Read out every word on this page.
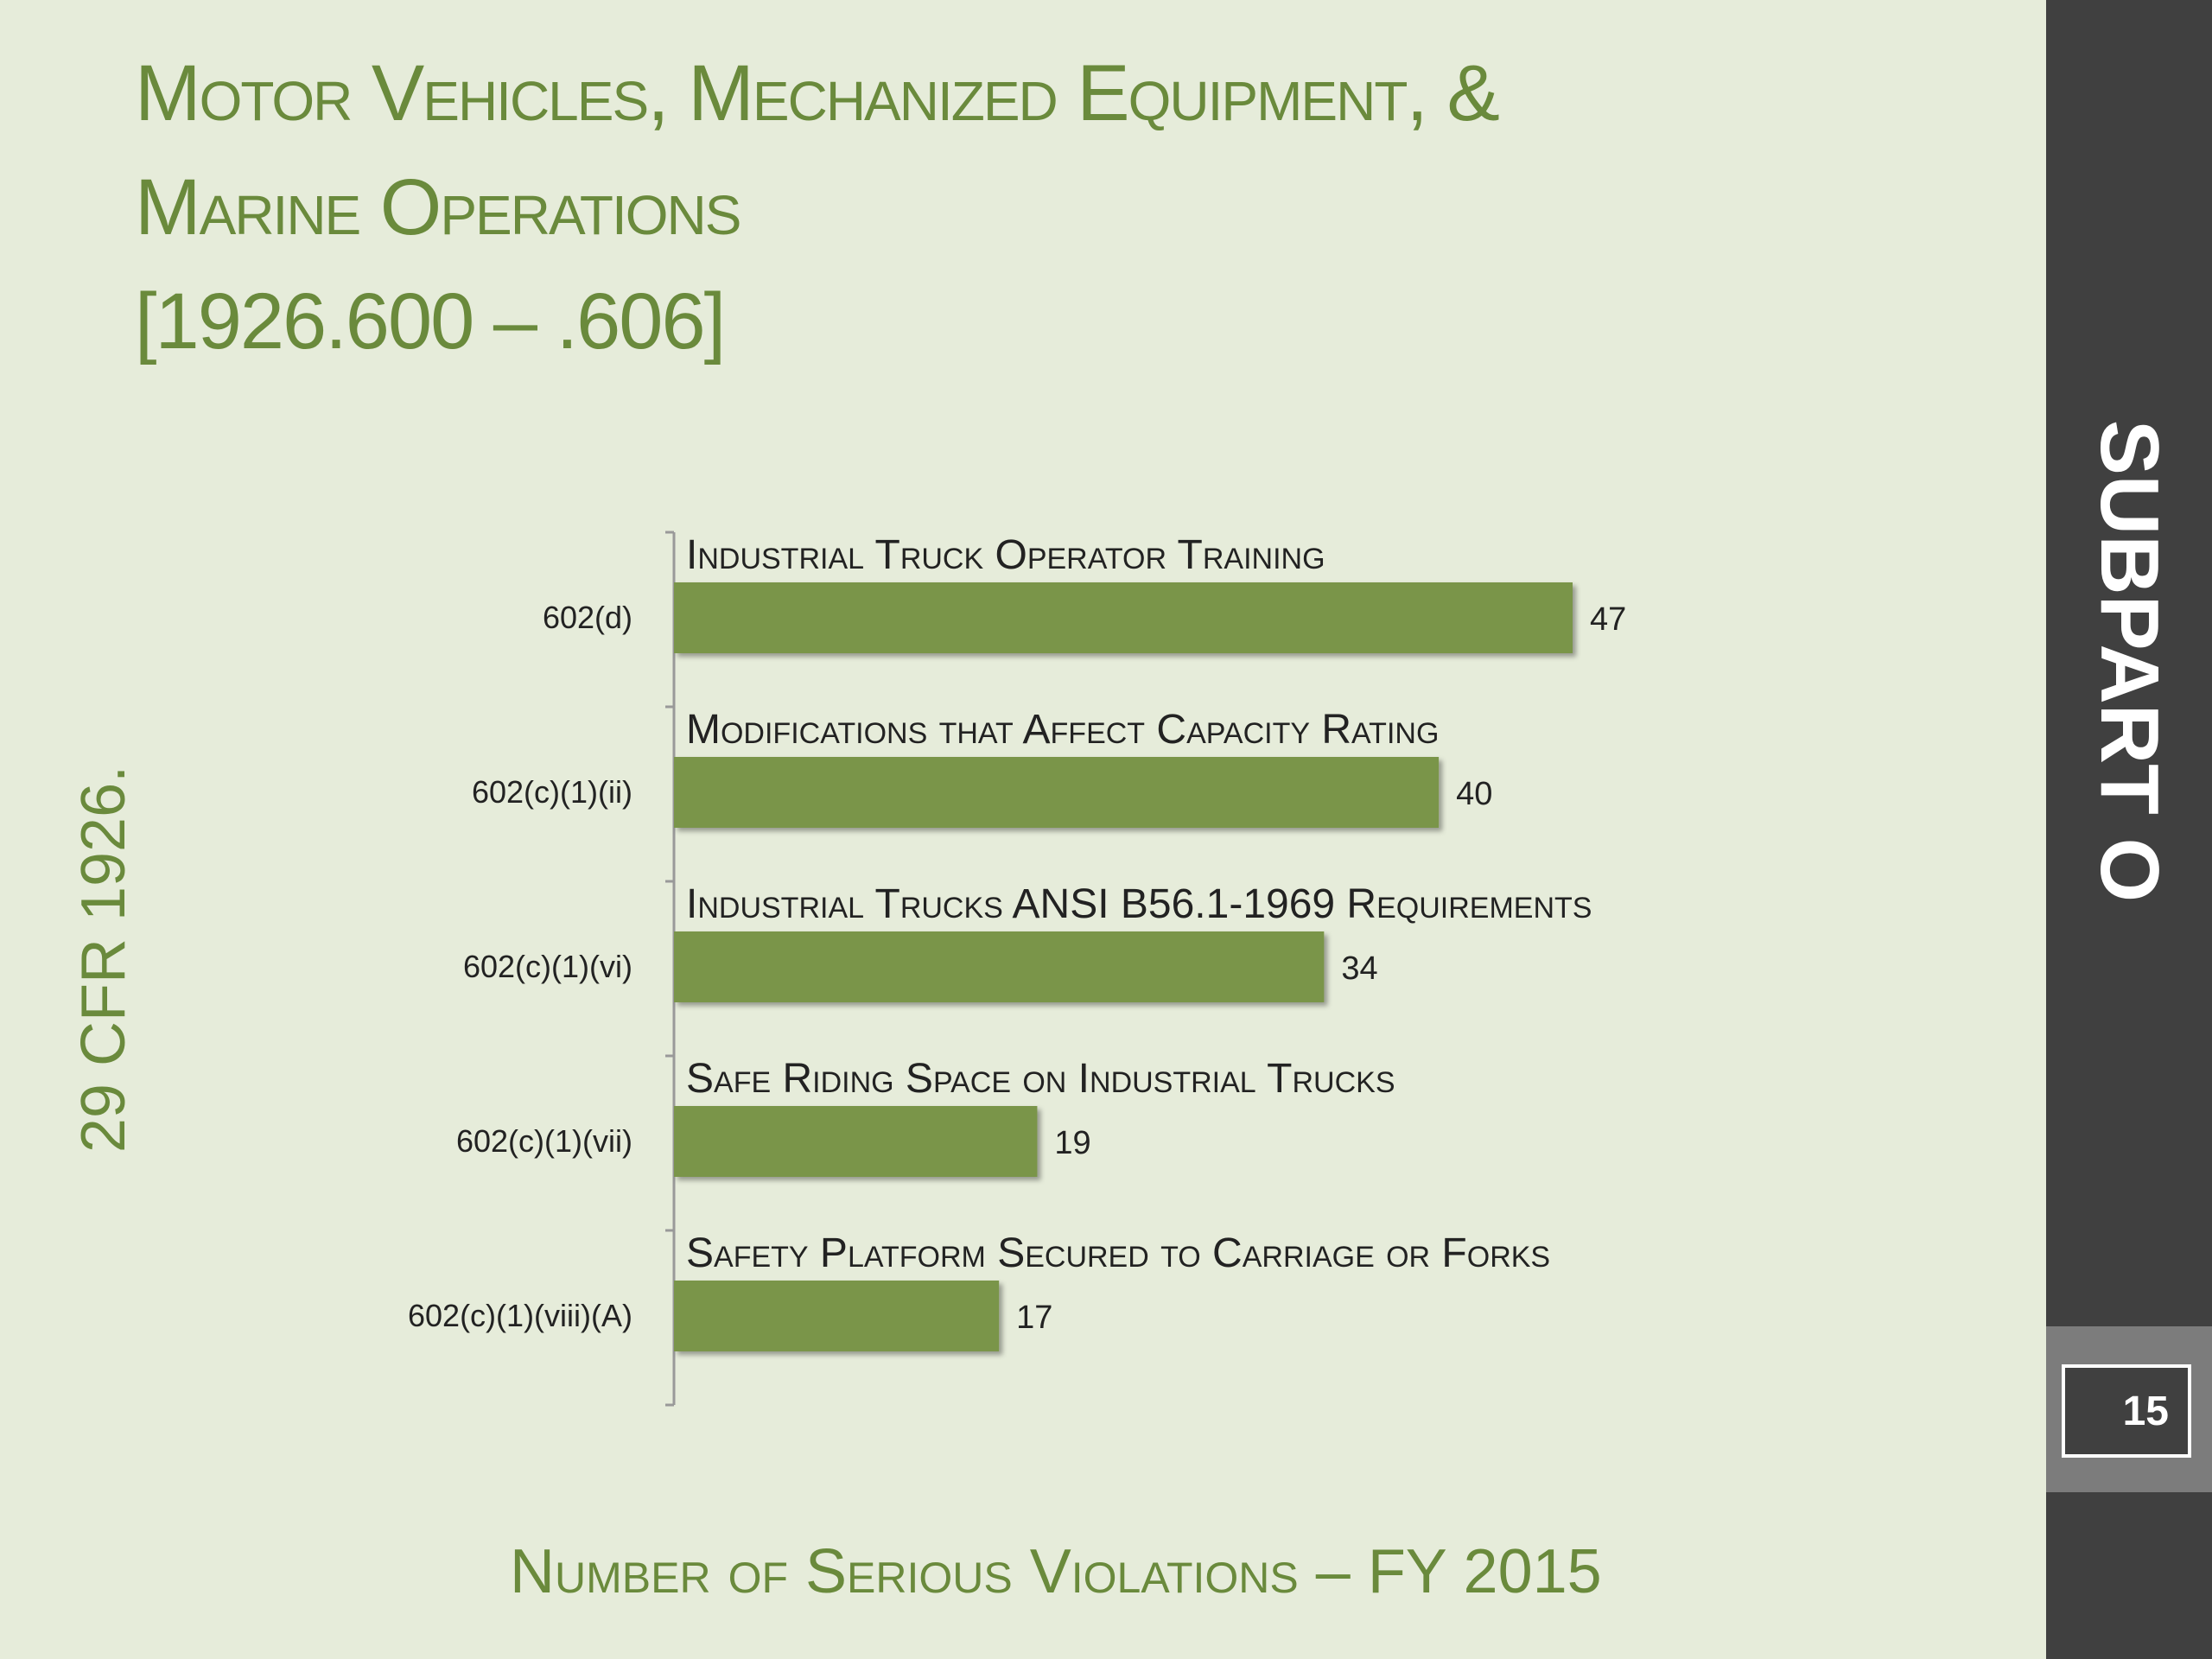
Motor Vehicles, Mechanized Equipment, &
Marine Operations
[1926.600 – .606]
29 CFR 1926.
SUBPART O
15
602(d)
Industrial Truck Operator Training
47
602(c)(1)(ii)
Modifications that Affect Capacity Rating
40
602(c)(1)(vi)
Industrial Trucks ANSI B56.1-1969 Requirements
34
602(c)(1)(vii)
Safe Riding Space on Industrial Trucks
19
602(c)(1)(viii)(A)
Safety Platform Secured to Carriage or Forks
17
Number of Serious Violations – FY 2015
